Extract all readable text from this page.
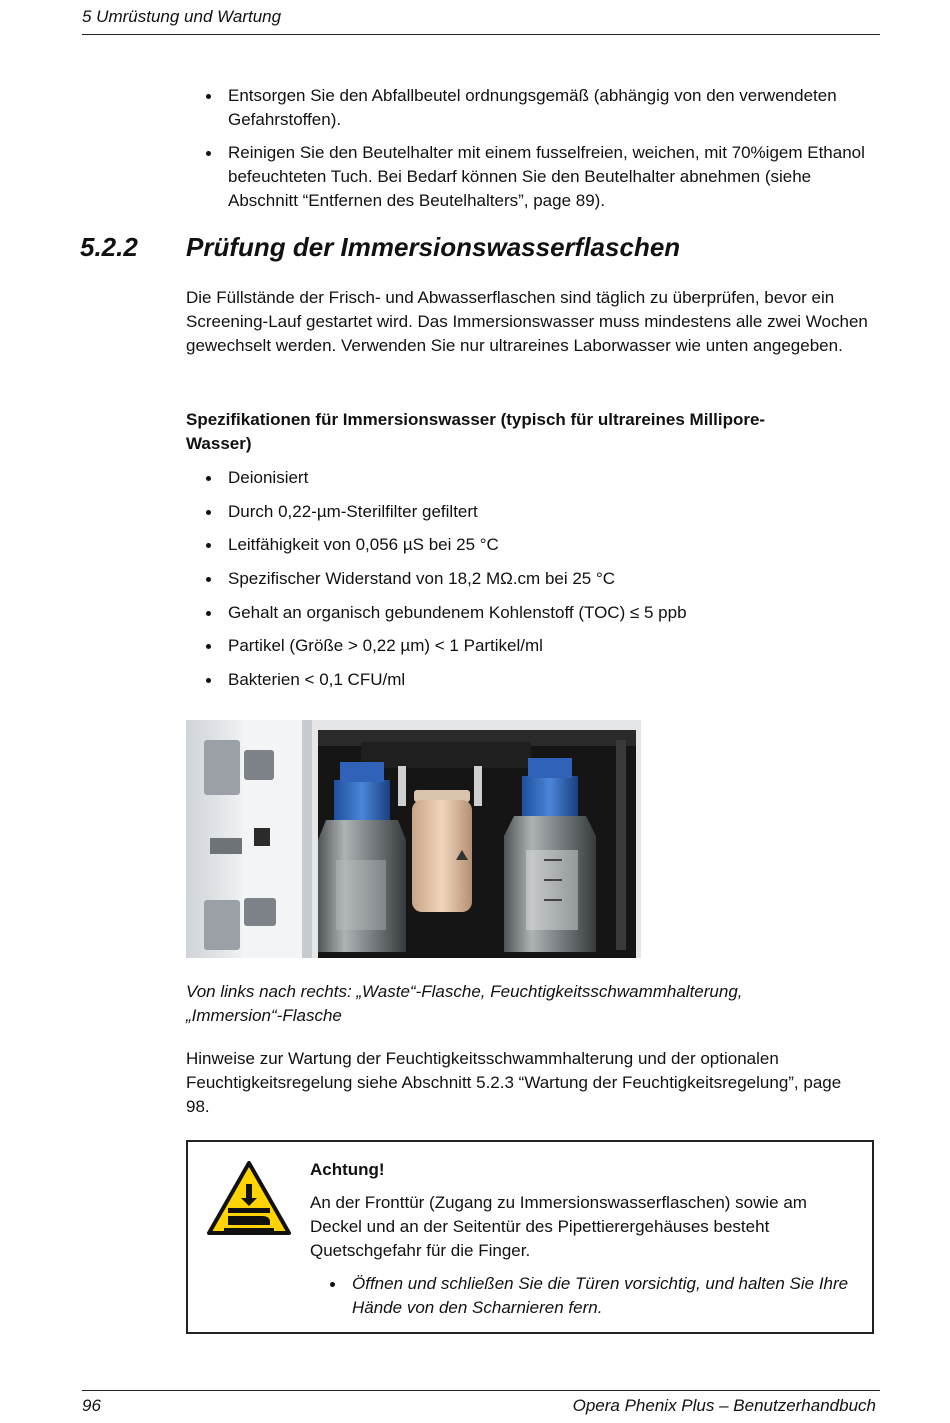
5 Umrüstung und Wartung
Entsorgen Sie den Abfallbeutel ordnungsgemäß (abhängig von den verwendeten Gefahrstoffen).
Reinigen Sie den Beutelhalter mit einem fusselfreien, weichen, mit 70%igem Ethanol befeuchteten Tuch. Bei Bedarf können Sie den Beutelhalter abnehmen (siehe Abschnitt “Entfernen des Beutelhalters”, page 89).
5.2.2 Prüfung der Immersionswasserflaschen
Die Füllstände der Frisch- und Abwasserflaschen sind täglich zu überprüfen, bevor ein Screening-Lauf gestartet wird. Das Immersionswasser muss mindestens alle zwei Wochen gewechselt werden. Verwenden Sie nur ultrareines Laborwasser wie unten angegeben.
Spezifikationen für Immersionswasser (typisch für ultrareines Millipore-Wasser)
Deionisiert
Durch 0,22-µm-Sterilfilter gefiltert
Leitfähigkeit von 0,056 µS bei 25 °C
Spezifischer Widerstand von 18,2 MΩ.cm bei 25 °C
Gehalt an organisch gebundenem Kohlenstoff (TOC) ≤ 5 ppb
Partikel (Größe > 0,22 µm) < 1 Partikel/ml
Bakterien < 0,1 CFU/ml
Von links nach rechts: „Waste“-Flasche, Feuchtigkeitsschwammhalterung, „Immersion“-Flasche
Hinweise zur Wartung der Feuchtigkeitsschwammhalterung und der optionalen Feuchtigkeitsregelung siehe Abschnitt 5.2.3 “Wartung der Feuchtigkeitsregelung”, page 98.
Achtung!
An der Fronttür (Zugang zu Immersionswasserflaschen) sowie am Deckel und an der Seitentür des Pipettierergehäuses besteht Quetschgefahr für die Finger.
Öffnen und schließen Sie die Türen vorsichtig, und halten Sie Ihre Hände von den Scharnieren fern.
96	Opera Phenix Plus – Benutzerhandbuch
